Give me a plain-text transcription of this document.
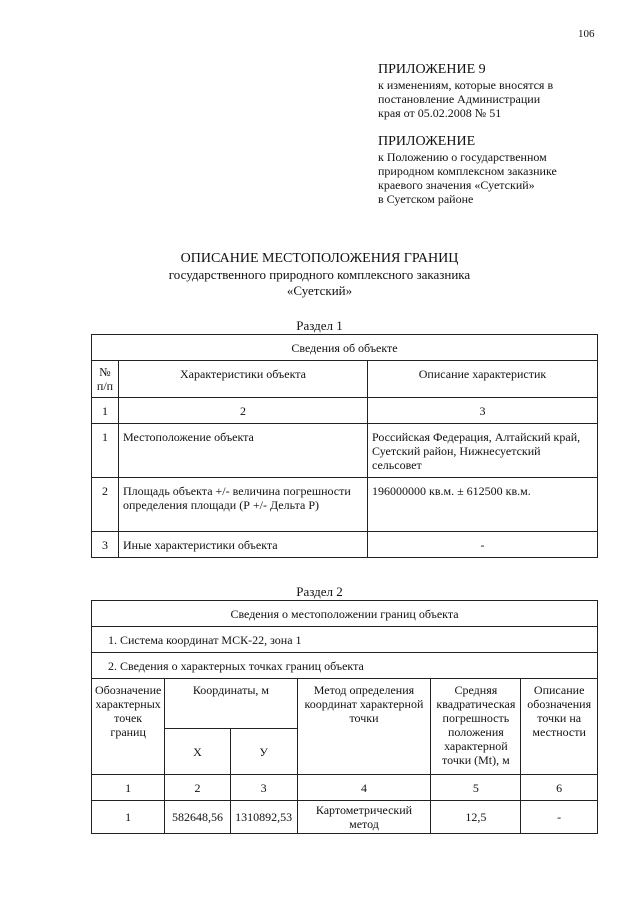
106
ПРИЛОЖЕНИЕ 9
к изменениям, которые вносятся в
постановление Администрации
края от 05.02.2008 № 51
ПРИЛОЖЕНИЕ
к Положению о государственном
природном комплексном заказнике
краевого значения «Суетский»
в Суетском районе
ОПИСАНИЕ МЕСТОПОЛОЖЕНИЯ ГРАНИЦ
государственного природного комплексного заказника
«Суетский»
Раздел 1
Сведения об объекте		
№ п/п	Характеристики объекта	Описание характеристик
1	2	3
1	Местоположение объекта	Российская Федерация, Алтайский край, Суетский район, Нижнесуетский сельсовет
2	Площадь объекта +/- величина погрешности определения площади (Р +/- Дельта Р)	196000000 кв.м. ± 612500 кв.м.
3	Иные характеристики объекта	-
Раздел 2
Сведения о местоположении границ объекта					
1. Система координат МСК-22, зона 1					
2. Сведения о характерных точках границ объекта					
Обозначение характерных точек границ	Координаты, м		Метод определения координат характерной точки	Средняя квадратическая погрешность положения характерной точки (Mt), м	Описание обозначения точки на местности
	X	У			
1	2	3	4	5	6
1	582648,56	1310892,53	Картометрический метод	12,5	-
